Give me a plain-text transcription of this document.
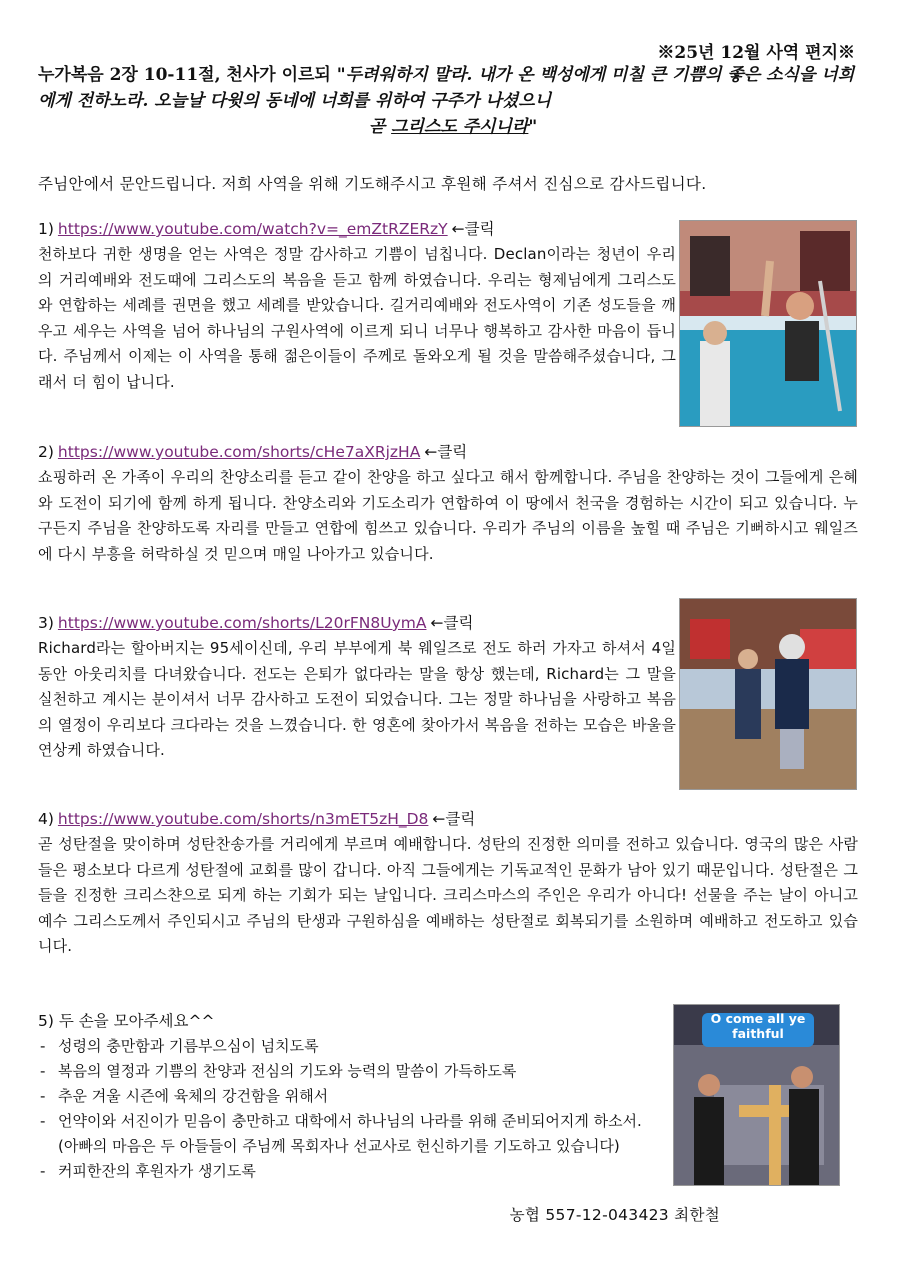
※25년 12월 사역 편지※
누가복음 2장 10-11절, 천사가 이르되 "두려워하지 말라. 내가 온 백성에게 미칠 큰 기쁨의 좋은 소식을 너희에게 전하노라. 오늘날 다윗의 동네에 너희를 위하여 구주가 나셨으니
곧 그리스도 주시니라"
주님안에서 문안드립니다. 저희 사역을 위해 기도해주시고 후원해 주셔서 진심으로 감사드립니다.
1) https://www.youtube.com/watch?v=_emZtRZERzY ←클릭
천하보다 귀한 생명을 얻는 사역은 정말 감사하고 기쁨이 넘칩니다. Declan이라는 청년이 우리의 거리예배와 전도때에 그리스도의 복음을 듣고 함께 하였습니다. 우리는 형제님에게 그리스도와 연합하는 세례를 권면을 했고 세례를 받았습니다. 길거리예배와 전도사역이 기존 성도들을 깨우고 세우는 사역을 넘어 하나님의 구원사역에 이르게 되니 너무나 행복하고 감사한 마음이 듭니다. 주님께서 이제는 이 사역을 통해 젊은이들이 주께로 돌와오게 될 것을 말씀해주셨습니다, 그래서 더 힘이 납니다.
2) https://www.youtube.com/shorts/cHe7aXRjzHA ←클릭
쇼핑하러 온 가족이 우리의 찬양소리를 듣고 같이 찬양을 하고 싶다고 해서 함께합니다. 주님을 찬양하는 것이 그들에게 은혜와 도전이 되기에 함께 하게 됩니다. 찬양소리와 기도소리가 연합하여 이 땅에서 천국을 경험하는 시간이 되고 있습니다. 누구든지 주님을 찬양하도록 자리를 만들고 연합에 힘쓰고 있습니다. 우리가 주님의 이름을 높힐 때 주님은 기뻐하시고 웨일즈에 다시 부흥을 허락하실 것 믿으며 매일 나아가고 있습니다.
3) https://www.youtube.com/shorts/L20rFN8UymA ←클릭
Richard라는 할아버지는 95세이신데, 우리 부부에게 북 웨일즈로 전도 하러 가자고 하셔서 4일 동안 아웃리치를 다녀왔습니다. 전도는 은퇴가 없다라는 말을 항상 했는데, Richard는 그 말을 실천하고 계시는 분이셔서 너무 감사하고 도전이 되었습니다. 그는 정말 하나님을 사랑하고 복음의 열정이 우리보다 크다라는 것을 느꼈습니다. 한 영혼에 찾아가서 복음을 전하는 모습은 바울을 연상케 하였습니다.
4) https://www.youtube.com/shorts/n3mET5zH_D8 ←클릭
곧 성탄절을 맞이하며 성탄찬송가를 거리에게 부르며 예배합니다. 성탄의 진정한 의미를 전하고 있습니다. 영국의 많은 사람들은 평소보다 다르게 성탄절에 교회를 많이 갑니다. 아직 그들에게는 기독교적인 문화가 남아 있기 때문입니다. 성탄절은 그들을 진정한 크리스챤으로 되게 하는 기회가 되는 날입니다. 크리스마스의 주인은 우리가 아니다! 선물을 주는 날이 아니고 예수 그리스도께서 주인되시고 주님의 탄생과 구원하심을 예배하는 성탄절로 회복되기를 소원하며 예배하고 전도하고 있습니다.
5) 두 손을 모아주세요^^
- 성령의 충만함과 기름부으심이 넘치도록
- 복음의 열정과 기쁨의 찬양과 전심의 기도와 능력의 말씀이 가득하도록
- 추운 겨울 시즌에 육체의 강건함을 위해서
- 언약이와 서진이가 믿음이 충만하고 대학에서 하나님의 나라를 위해 준비되어지게 하소서.(아빠의 마음은 두 아들들이 주님께 목회자나 선교사로 헌신하기를 기도하고 있습니다)
- 커피한잔의 후원자가 생기도록
O come all ye faithful
농협 557-12-043423 최한철
